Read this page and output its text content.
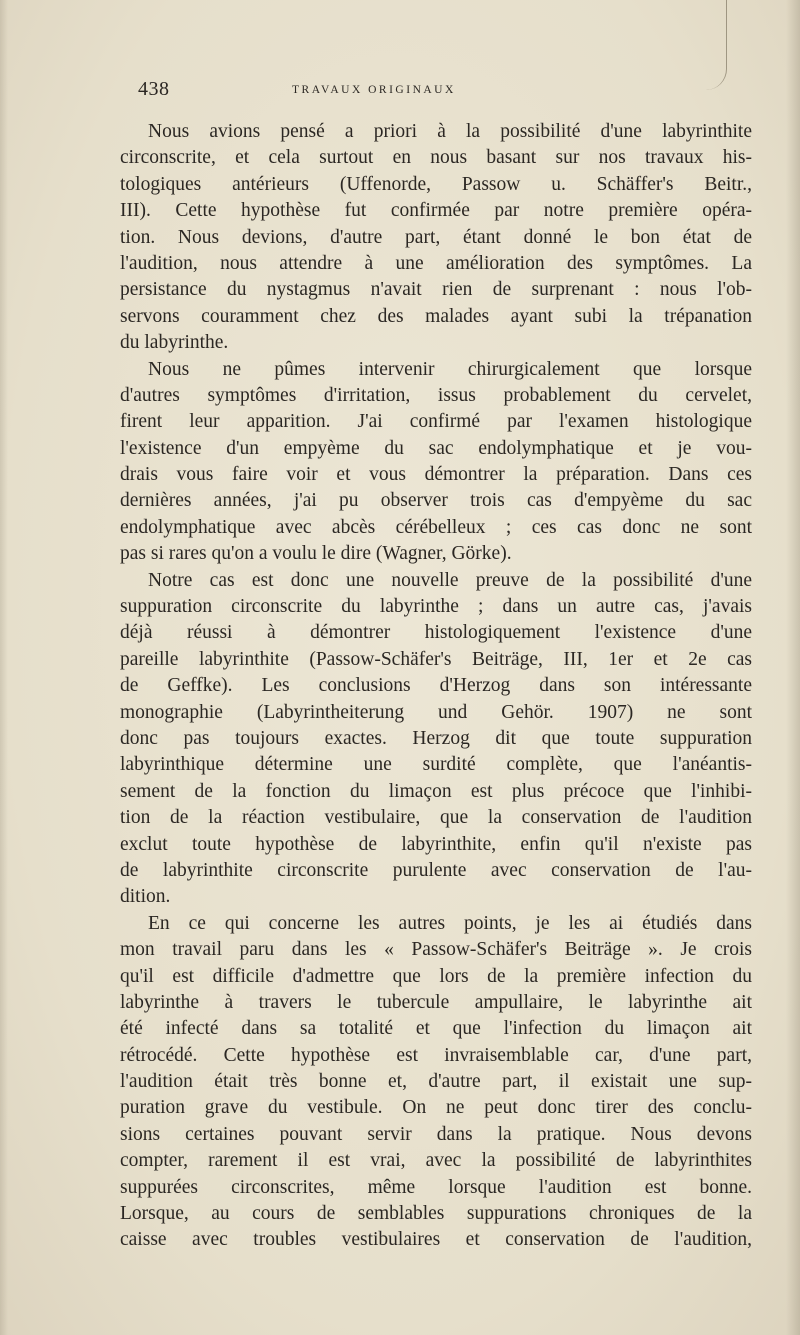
438	TRAVAUX ORIGINAUX
Nous avions pensé a priori à la possibilité d'une labyrinthite
circonscrite, et cela surtout en nous basant sur nos travaux his-
tologiques antérieurs (Uffenorde, Passow u. Schäffer's Beitr.,
III). Cette hypothèse fut confirmée par notre première opéra-
tion. Nous devions, d'autre part, étant donné le bon état de
l'audition, nous attendre à une amélioration des symptômes. La
persistance du nystagmus n'avait rien de surprenant : nous l'ob-
servons couramment chez des malades ayant subi la trépanation
du labyrinthe.
Nous ne pûmes intervenir chirurgicalement que lorsque
d'autres symptômes d'irritation, issus probablement du cervelet,
firent leur apparition. J'ai confirmé par l'examen histologique
l'existence d'un empyème du sac endolymphatique et je vou-
drais vous faire voir et vous démontrer la préparation. Dans ces
dernières années, j'ai pu observer trois cas d'empyème du sac
endolymphatique avec abcès cérébelleux ; ces cas donc ne sont
pas si rares qu'on a voulu le dire (Wagner, Görke).
Notre cas est donc une nouvelle preuve de la possibilité d'une
suppuration circonscrite du labyrinthe ; dans un autre cas, j'avais
déjà réussi à démontrer histologiquement l'existence d'une
pareille labyrinthite (Passow-Schäfer's Beiträge, III, 1er et 2e cas
de Geffke). Les conclusions d'Herzog dans son intéressante
monographie (Labyrintheiterung und Gehör. 1907) ne sont
donc pas toujours exactes. Herzog dit que toute suppuration
labyrinthique détermine une surdité complète, que l'anéantis-
sement de la fonction du limaçon est plus précoce que l'inhibi-
tion de la réaction vestibulaire, que la conservation de l'audition
exclut toute hypothèse de labyrinthite, enfin qu'il n'existe pas
de labyrinthite circonscrite purulente avec conservation de l'au-
dition.
En ce qui concerne les autres points, je les ai étudiés dans
mon travail paru dans les « Passow-Schäfer's Beiträge ». Je crois
qu'il est difficile d'admettre que lors de la première infection du
labyrinthe à travers le tubercule ampullaire, le labyrinthe ait
été infecté dans sa totalité et que l'infection du limaçon ait
rétrocédé. Cette hypothèse est invraisemblable car, d'une part,
l'audition était très bonne et, d'autre part, il existait une sup-
puration grave du vestibule. On ne peut donc tirer des conclu-
sions certaines pouvant servir dans la pratique. Nous devons
compter, rarement il est vrai, avec la possibilité de labyrinthites
suppurées circonscrites, même lorsque l'audition est bonne.
Lorsque, au cours de semblables suppurations chroniques de la
caisse avec troubles vestibulaires et conservation de l'audition,
